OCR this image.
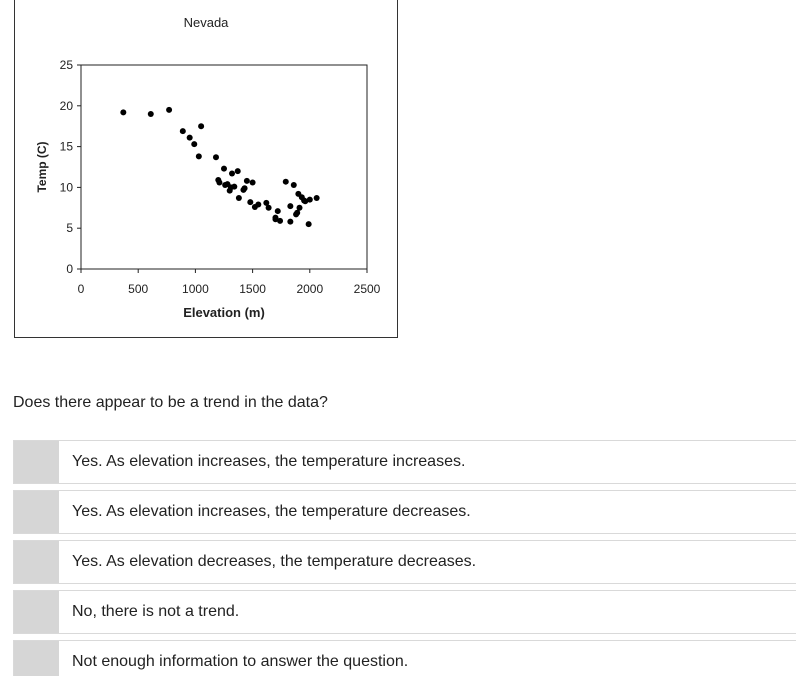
Nevada
0
5
10
15
20
25
0	500	1000	1500	2000	2500
Elevation (m)
Temp (C)

Does there appear to be a trend in the data?

Yes. As elevation increases, the temperature increases.
Yes. As elevation increases, the temperature decreases.
Yes. As elevation decreases, the temperature decreases.
No, there is not a trend.
Not enough information to answer the question.
